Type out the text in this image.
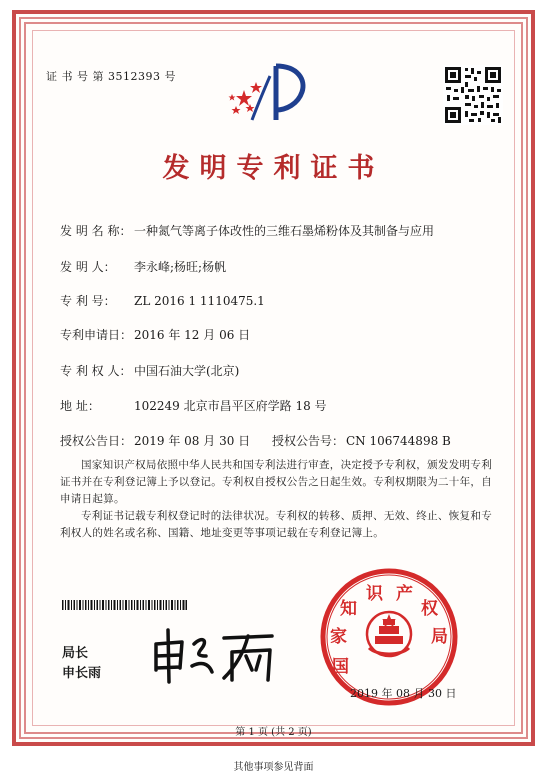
证 书 号 第 3512393 号
发明专利证书
发 明 名 称： 一种氮气等离子体改性的三维石墨烯粉体及其制备与应用
发 明 人： 李永峰;杨旺;杨帆
专 利 号： ZL 2016 1 1110475.1
专利申请日： 2016 年 12 月 06 日
专 利 权 人： 中国石油大学(北京)
地 址：	102249 北京市昌平区府学路 18 号
授权公告日： 2019 年 08 月 30 日 授权公告号： CN 106744898 B
国家知识产权局依照中华人民共和国专利法进行审查，决定授予专利权，颁发发明专利证书并在专利登记簿上予以登记。专利权自授权公告之日起生效。专利权期限为二十年，自申请日起算。
专利证书记载专利权登记时的法律状况。专利权的转移、质押、无效、终止、恢复和专利权人的姓名或名称、国籍、地址变更等事项记载在专利登记簿上。
局长
申长雨	国
家
知
识 产
权
局
2019 年 08 月 30 日
第 1 页 (共 2 页)
其他事项参见背面
